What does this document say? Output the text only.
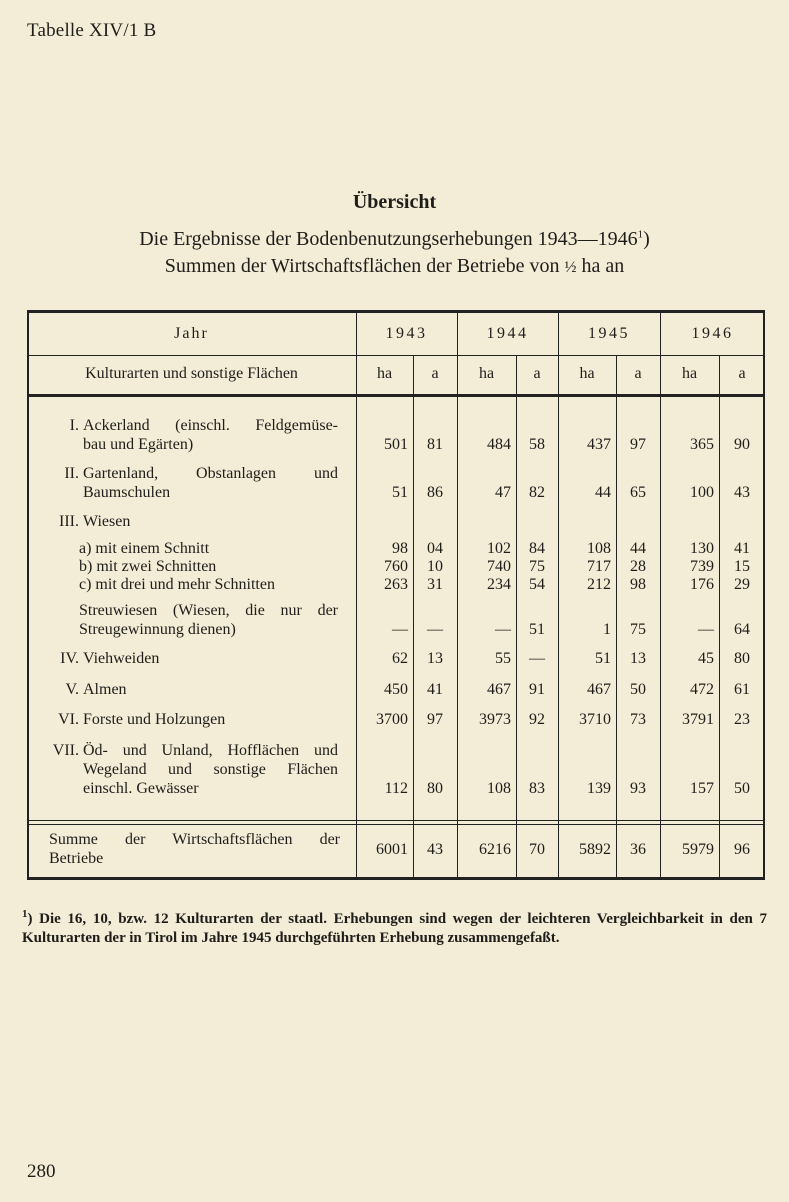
Tabelle XIV/1 B
Übersicht
Die Ergebnisse der Bodenbenutzungserhebungen 1943—1946$^1$)
Summen der Wirtschaftsflächen der Betriebe von ½ ha an
Jahr	1943	1944	1945	1946
Kulturarten und sonstige Flächen	ha	a	ha	a	ha	a	ha	a
I. Ackerland (einschl. Feldgemüse-
bau und Egärten)	501	81	484	58	437	97	365	90
II. Gartenland, Obstanlagen und
Baumschulen	51	86	47	82	44	65	100	43
III. Wiesen
a) mit einem Schnitt	98	04	102	84	108	44	130	41
b) mit zwei Schnitten	760	10	740	75	717	28	739	15
c) mit drei und mehr Schnitten	263	31	234	54	212	98	176	29
Streuwiesen (Wiesen, die nur der
Streugewinnung dienen)	—	—	—	51	1	75	—	64
IV. Viehweiden	62	13	55	—	51	13	45	80
V. Almen	450	41	467	91	467	50	472	61
VI. Forste und Holzungen	3700	97	3973	92	3710	73	3791	23
VII. Öd- und Unland, Hofflächen und
Wegeland und sonstige Flächen
einschl. Gewässer	112	80	108	83	139	93	157	50
Summe der Wirtschaftsflächen der
Betriebe
6001	43	6216	70	5892	36	5979	96
$^1$) Die 16, 10, bzw. 12 Kulturarten der staatl. Erhebungen sind wegen der leichteren Vergleichbarkeit in den 7 Kulturarten der in Tirol im Jahre 1945 durchgeführten Erhebung zusammengefaßt.
280
